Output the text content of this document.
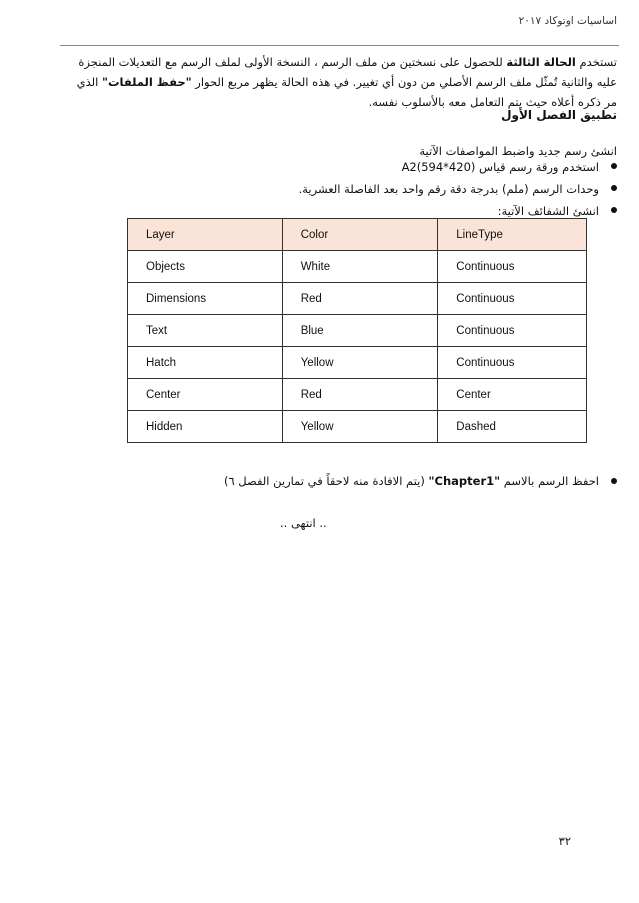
اساسيات اوتوكاد ٢٠١٧
تستخدم الحالة الثالثة للحصول على نسختين من ملف الرسم ، النسخة الأولى لملف الرسم مع التعديلات المنجزة
عليه والثانية تُمثّل ملف الرسم الأصلي من دون أي تغيير. في هذه الحالة يظهر مربع الحوار "حفظ الملفات" الذي
مر ذكره أعلاه حيث يتم التعامل معه بالأسلوب نفسه.
تطبيق الفصل الأول
انشئ رسم جديد واضبط المواصفات الآتية
استخدم ورقة رسم قياس A2(594*420)
وحدات الرسم (ملم) بدرجة دقة رقم واحد بعد الفاصلة العشرية.
انشئ الشفائف الآتية:
Layer	Color	LineType
Objects	White	Continuous
Dimensions	Red	Continuous
Text	Blue	Continuous
Hatch	Yellow	Continuous
Center	Red	Center
Hidden	Yellow	Dashed
احفظ الرسم بالاسم "Chapter1" (يتم الافادة منه لاحقاً في تمارين الفصل ٦)
.. انتهى ..
٣٢
